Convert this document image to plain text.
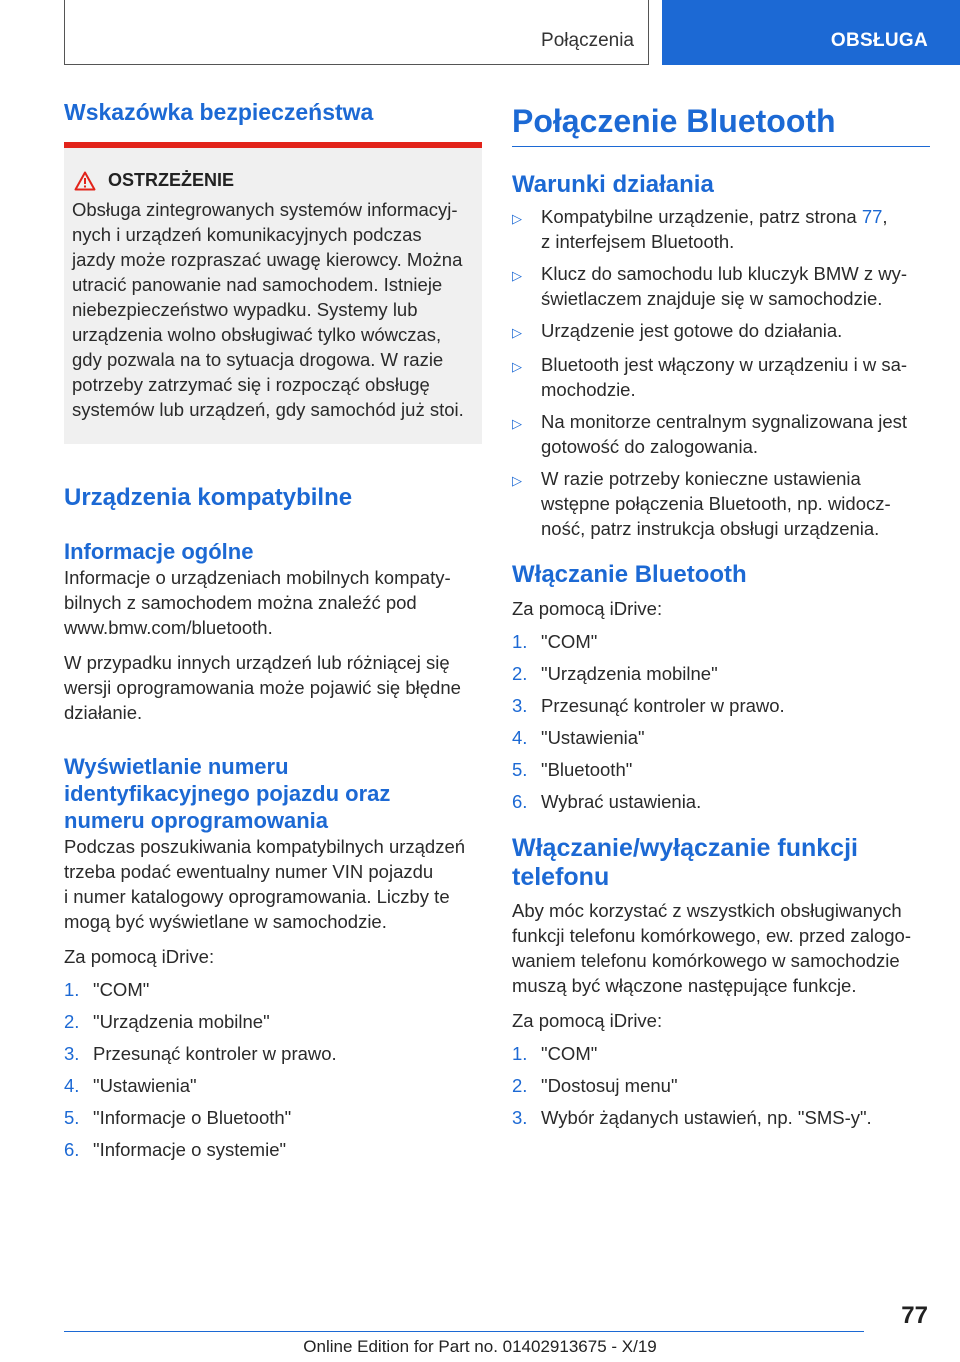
Połączenia	OBSŁUGA
Wskazówka bezpieczeństwa
OSTRZEŻENIE

Obsługa zintegrowanych systemów informacyj-
nych i urządzeń komunikacyjnych podczas
jazdy może rozpraszać uwagę kierowcy. Można
utracić panowanie nad samochodem. Istnieje
niebezpieczeństwo wypadku. Systemy lub
urządzenia wolno obsługiwać tylko wówczas,
gdy pozwala na to sytuacja drogowa. W razie
potrzeby zatrzymać się i rozpocząć obsługę
systemów lub urządzeń, gdy samochód już stoi.

Urządzenia kompatybilne
Informacje ogólne

Informacje o urządzeniach mobilnych kompaty-
bilnych z samochodem można znaleźć pod
www.bmw.com/bluetooth.

W przypadku innych urządzeń lub różniącej się
wersji oprogramowania może pojawić się błędne
działanie.

Wyświetlanie numeru
identyfikacyjnego pojazdu oraz
numeru oprogramowania

Podczas poszukiwania kompatybilnych urządzeń
trzeba podać ewentualny numer VIN pojazdu
i numer katalogowy oprogramowania. Liczby te
mogą być wyświetlane w samochodzie.

Za pomocą iDrive:

1. "COM"
2. "Urządzenia mobilne"
3. Przesunąć kontroler w prawo.
4. "Ustawienia"
5. "Informacje o Bluetooth"
6. "Informacje o systemie"
Połączenie Bluetooth
Warunki działania
▷	Kompatybilne urządzenie, patrz strona 77,
z interfejsem Bluetooth.
▷	Klucz do samochodu lub kluczyk BMW z wy-
świetlaczem znajduje się w samochodzie.
▷	Urządzenie jest gotowe do działania.
▷	Bluetooth jest włączony w urządzeniu i w sa-
mochodzie.
▷	Na monitorze centralnym sygnalizowana jest
gotowość do zalogowania.
▷	W razie potrzeby konieczne ustawienia
wstępne połączenia Bluetooth, np. widocz-
ność, patrz instrukcja obsługi urządzenia.
Włączanie Bluetooth

Za pomocą iDrive:

1. "COM"
2. "Urządzenia mobilne"
3. Przesunąć kontroler w prawo.
4. "Ustawienia"
5. "Bluetooth"
6. Wybrać ustawienia.
Włączanie/wyłączanie funkcji
telefonu

Aby móc korzystać z wszystkich obsługiwanych
funkcji telefonu komórkowego, ew. przed zalogo-
waniem telefonu komórkowego w samochodzie
muszą być włączone następujące funkcje.

Za pomocą iDrive:

1. "COM"
2. "Dostosuj menu"
3. Wybór żądanych ustawień, np. "SMS-y".
77
Online Edition for Part no. 01402913675 - X/19
